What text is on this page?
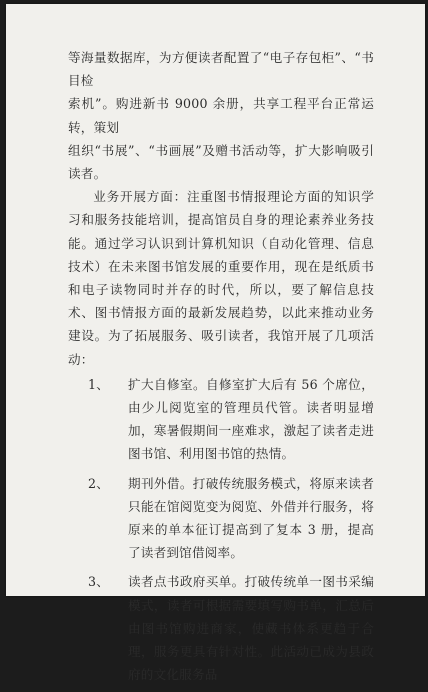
等海量数据库，为方便读者配置了“电子存包柜”、“书目检

索机”。购进新书 9000 余册，共享工程平台正常运转，策划

组织“书展”、“书画展”及赠书活动等，扩大影响吸引读者。

业务开展方面：注重图书情报理论方面的知识学习和服务技能培训，提高馆员自身的理论素养业务技能。通过学习认识到计算机知识（自动化管理、信息技术）在未来图书馆发展的重要作用，现在是纸质书和电子读物同时并存的时代，所以，要了解信息技术、图书情报方面的最新发展趋势，以此来推动业务建设。为了拓展服务、吸引读者，我馆开展了几项活动：

1、	扩大自修室。自修室扩大后有 56 个席位，由少儿阅览室的管理员代管。读者明显增加，寒暑假期间一座难求，激起了读者走进图书馆、利用图书馆的热情。
2、	期刊外借。打破传统服务模式，将原来读者只能在馆阅览变为阅览、外借并行服务，将原来的单本征订提高到了复本 3 册，提高了读者到馆借阅率。
3、	读者点书政府买单。打破传统单一图书采编模式，读者可根据需要填写购书单，汇总后由图书馆购进商家，使藏书体系更趋于合理，服务更具有针对性。此活动已成为县政府的文化服务品
